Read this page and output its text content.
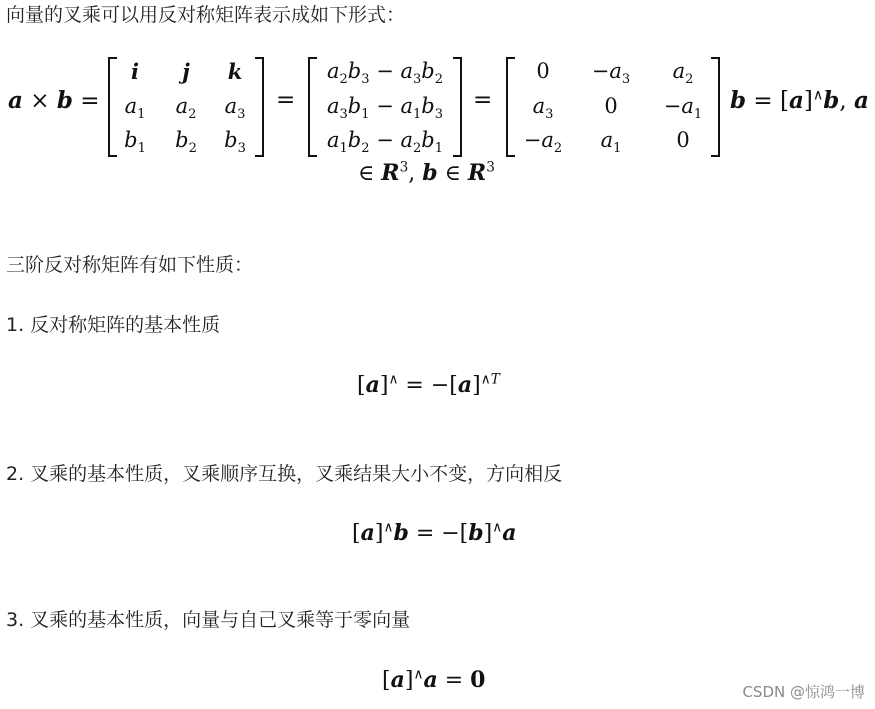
向量的叉乘可以用反对称矩阵表示成如下形式：
a × b =
i j k
$a_1$ $a_2$ $a_3$
$b_1$ $b_2$ $b_3$
=
$a_2b_3 - a_3b_2$
$a_3b_1 - a_1b_3$
$a_1b_2 - a_2b_1$
=
$0 -a_3$ $a_2$
$a_3$ $0 -a_1$
$-a_2$ $a_1$	0
b = [a]∧b, a
∈ $R^3$, b ∈ $R^3$
三阶反对称矩阵有如下性质：
1. 反对称矩阵的基本性质
$[a]^\wedge = -[a]^{\wedge T}$
2. 叉乘的基本性质，叉乘顺序互换，叉乘结果大小不变，方向相反
[a]∧b = −[b]∧a
3. 叉乘的基本性质，向量与自己叉乘等于零向量
[a]∧a = 0	CSDN @惊鸿一博
